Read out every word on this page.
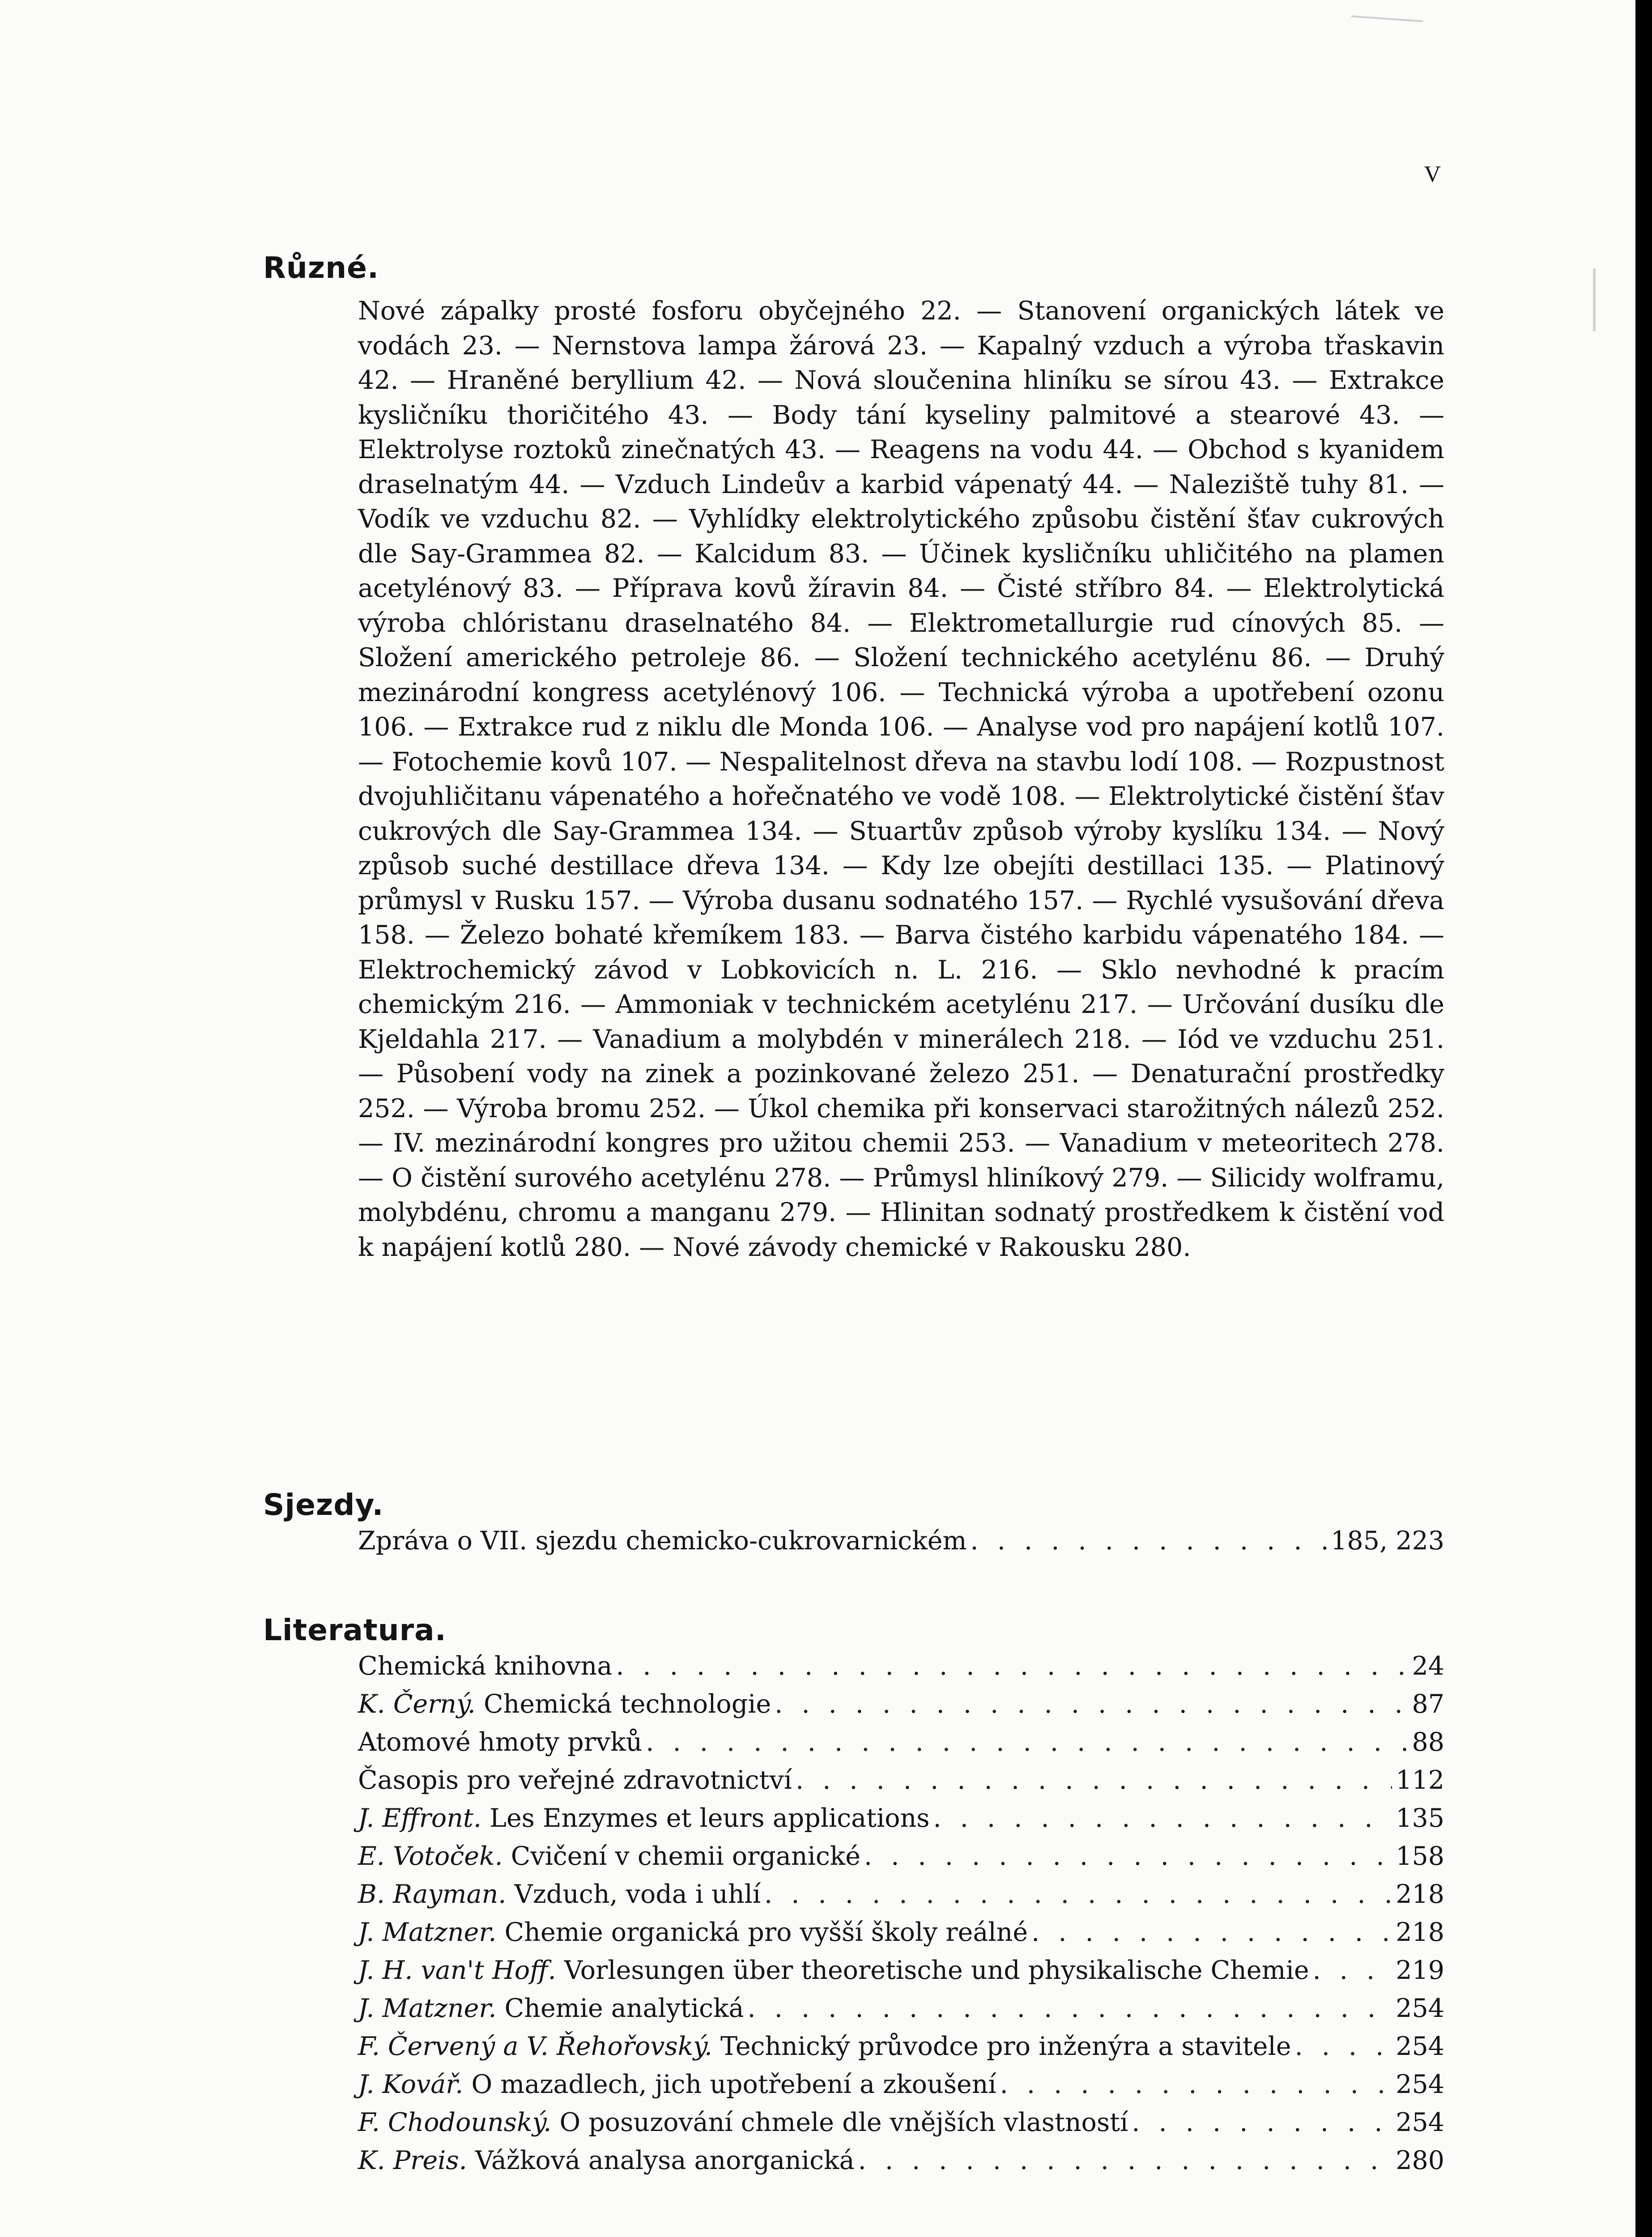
V
Různé.

Nové zápalky prosté fosforu obyčejného 22. — Stanovení organických látek ve vodách 23. — Nernstova lampa žárová 23. — Kapalný vzduch a výroba třaskavin 42. — Hraněné beryllium 42. — Nová sloučenina hliníku se sírou 43. — Extrakce kysličníku thoričitého 43. — Body tání kyseliny palmitové a stearové 43. — Elektrolyse roztoků zinečnatých 43. — Reagens na vodu 44. — Obchod s kyanidem draselnatým 44. — Vzduch Lindeův a karbid vápenatý 44. — Naleziště tuhy 81. — Vodík ve vzduchu 82. — Vyhlídky elektrolytického způsobu čistění šťav cukrových dle Say-Grammea 82. — Kalcidum 83. — Účinek kysličníku uhličitého na plamen acetylénový 83. — Příprava kovů žíravin 84. — Čisté stříbro 84. — Elektrolytická výroba chlóristanu draselnatého 84. — Elektrometallurgie rud cínových 85. — Složení amerického petroleje 86. — Složení technického acetylénu 86. — Druhý mezinárodní kongress acetylénový 106. — Technická výroba a upotřebení ozonu 106. — Extrakce rud z niklu dle Monda 106. — Analyse vod pro napájení kotlů 107. — Fotochemie kovů 107. — Nespalitelnost dřeva na stavbu lodí 108. — Rozpustnost dvojuhličitanu vápenatého a hořečnatého ve vodě 108. — Elektrolytické čistění šťav cukrových dle Say-Grammea 134. — Stuartův způsob výroby kyslíku 134. — Nový způsob suché destillace dřeva 134. — Kdy lze obejíti destillaci 135. — Platinový průmysl v Rusku 157. — Výroba dusanu sodnatého 157. — Rychlé vysušování dřeva 158. — Železo bohaté křemíkem 183. — Barva čistého karbidu vápenatého 184. — Elektrochemický závod v Lobkovicích n. L. 216. — Sklo nevhodné k pracím chemickým 216. — Ammoniak v technickém acetylénu 217. — Určování dusíku dle Kjeldahla 217. — Vanadium a molybdén v minerálech 218. — Iód ve vzduchu 251. — Působení vody na zinek a pozinkované železo 251. — Denaturační prostředky 252. — Výroba bromu 252. — Úkol chemika při konservaci starožitných nálezů 252. — IV. mezinárodní kongres pro užitou chemii 253. — Vanadium v meteoritech 278. — O čistění surového acetylénu 278. — Průmysl hliníkový 279. — Silicidy wolframu, molybdénu, chromu a manganu 279. — Hlinitan sodnatý prostředkem k čistění vod k napájení kotlů 280. — Nové závody chemické v Rakousku 280.

Sjezdy.
Zpráva o VII. sjezdu chemicko-cukrovarnickém . . .	185, 223
Literatura.
Chemická knihovna . . .	24
K. Černý. Chemická technologie . . .	87
Atomové hmoty prvků . . .	88
Časopis pro veřejné zdravotnictví . . .	112
J. Effront. Les Enzymes et leurs applications . . .	135
E. Votoček. Cvičení v chemii organické . . .	158
B. Rayman. Vzduch, voda i uhlí . . .	218
J. Matzner. Chemie organická pro vyšší školy reálné . . .	218
J. H. van't Hoff. Vorlesungen über theoretische und physikalische Chemie . . .	219
J. Matzner. Chemie analytická . . .	254
F. Červený a V. Řehořovský. Technický průvodce pro inženýra a stavitele . . .	254
J. Kovář. O mazadlech, jich upotřebení a zkoušení . . .	254
F. Chodounský. O posuzování chmele dle vnějších vlastností . . .	254
K. Preis. Vážková analysa anorganická . . .	280
